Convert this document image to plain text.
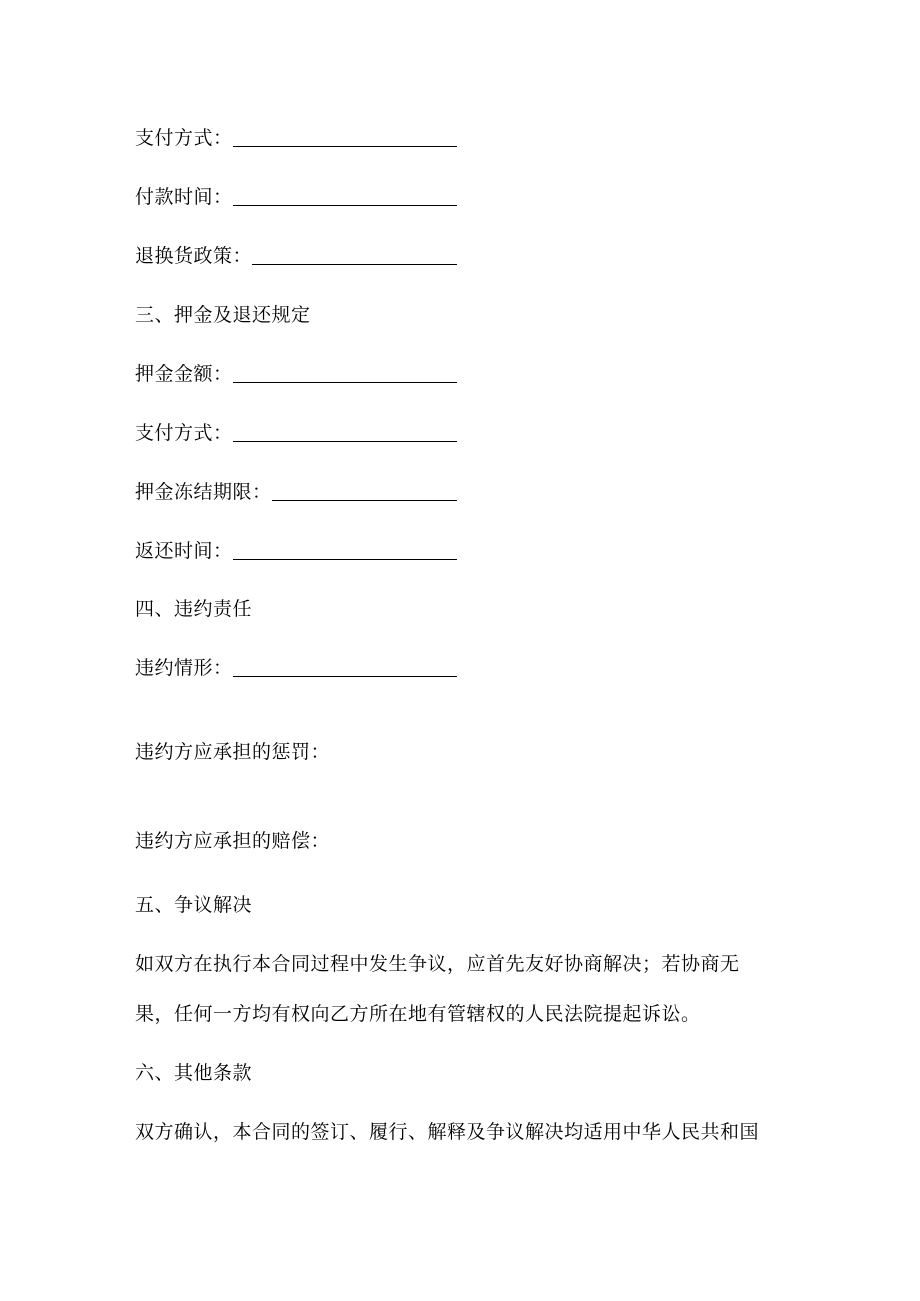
支付方式：
付款时间：
退换货政策：
三、押金及退还规定
押金金额：
支付方式：
押金冻结期限：
返还时间：
四、违约责任
违约情形：
违约方应承担的惩罚：
违约方应承担的赔偿：
五、争议解决
如双方在执行本合同过程中发生争议，应首先友好协商解决；若协商无
果，任何一方均有权向乙方所在地有管辖权的人民法院提起诉讼。
六、其他条款
双方确认，本合同的签订、履行、解释及争议解决均适用中华人民共和国
